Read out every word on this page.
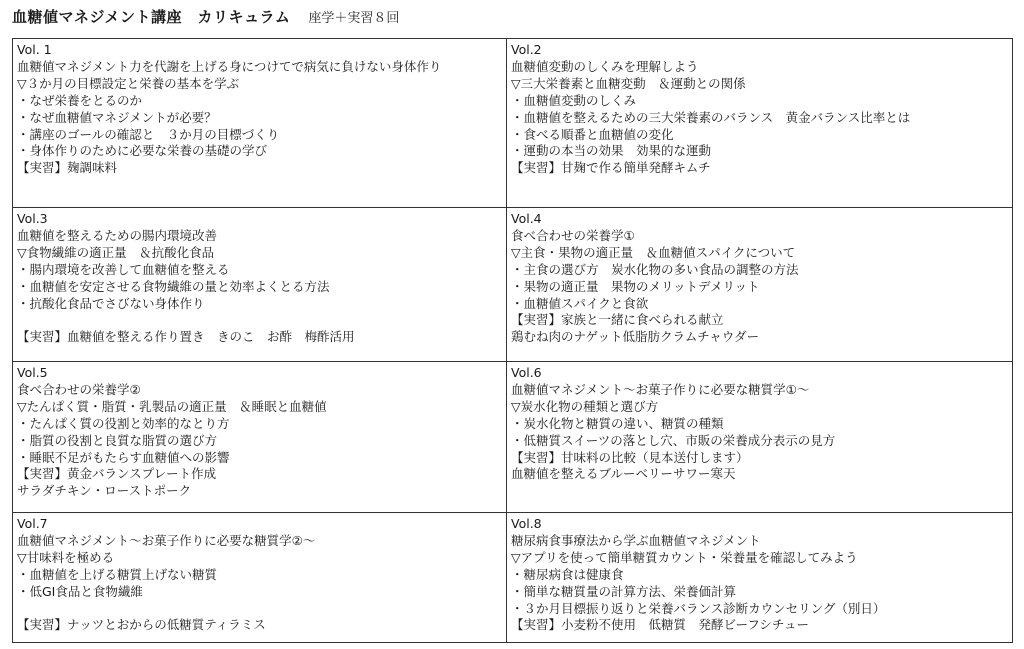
血糖値マネジメント講座　カリキュラム 座学＋実習８回
Vol. 1
血糖値マネジメント力を代謝を上げる身につけてで病気に負けない身体作り
▽３か月の目標設定と栄養の基本を学ぶ
・なぜ栄養をとるのか
・なぜ血糖値マネジメントが必要？
・講座のゴールの確認と　３か月の目標づくり
・身体作りのために必要な栄養の基礎の学び
【実習】麹調味料
Vol.2
血糖値変動のしくみを理解しよう
▽三大栄養素と血糖変動　＆運動との関係
・血糖値変動のしくみ
・血糖値を整えるための三大栄養素のバランス　黄金バランス比率とは
・食べる順番と血糖値の変化
・運動の本当の効果　効果的な運動
【実習】甘麹で作る簡単発酵キムチ
Vol.3
血糖値を整えるための腸内環境改善
▽食物繊維の適正量　＆抗酸化食品
・腸内環境を改善して血糖値を整える
・血糖値を安定させる食物繊維の量と効率よくとる方法
・抗酸化食品でさびない身体作り
【実習】血糖値を整える作り置き　きのこ　お酢　梅酢活用
Vol.4
食べ合わせの栄養学①
▽主食・果物の適正量　＆血糖値スパイクについて
・主食の選び方　炭水化物の多い食品の調整の方法
・果物の適正量　果物のメリットデメリット
・血糖値スパイクと食欲
【実習】家族と一緒に食べられる献立
鶏むね肉のナゲット低脂肪クラムチャウダー
Vol.5
食べ合わせの栄養学②
▽たんぱく質・脂質・乳製品の適正量　＆睡眠と血糖値
・たんぱく質の役割と効率的なとり方
・脂質の役割と良質な脂質の選び方
・睡眠不足がもたらす血糖値への影響
【実習】黄金バランスプレート作成
サラダチキン・ローストポーク
Vol.6
血糖値マネジメント～お菓子作りに必要な糖質学①～
▽炭水化物の種類と選び方
・炭水化物と糖質の違い、糖質の種類
・低糖質スイーツの落とし穴、市販の栄養成分表示の見方
【実習】甘味料の比較（見本送付します）
血糖値を整えるブルーベリーサワー寒天
Vol.7
血糖値マネジメント～お菓子作りに必要な糖質学②～
▽甘味料を極める
・血糖値を上げる糖質上げない糖質
・低GI食品と食物繊維
【実習】ナッツとおからの低糖質ティラミス
Vol.8
糖尿病食事療法から学ぶ血糖値マネジメント
▽アプリを使って簡単糖質カウント・栄養量を確認してみよう
・糖尿病食は健康食
・簡単な糖質量の計算方法、栄養価計算
・３か月目標振り返りと栄養バランス診断カウンセリング（別日）
【実習】小麦粉不使用　低糖質　発酵ビーフシチュー
